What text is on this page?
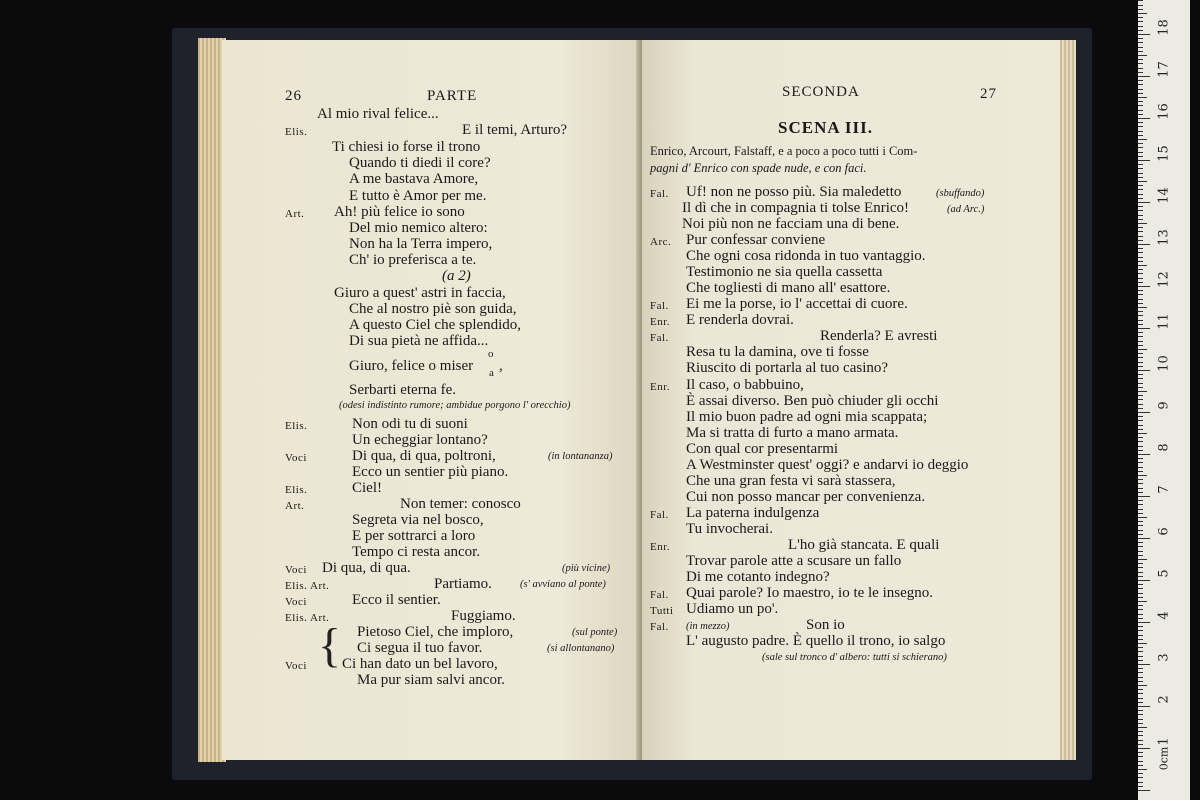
26	PARTE
Al mio rival felice...
Elis.	E il temi, Arturo?
Ti chiesi io forse il trono
Quando ti diedi il core?
A me bastava Amore,
E tutto è Amor per me.
Art. Ah! più felice io sono
Del mio nemico altero:
Non ha la Terra impero,
Ch' io preferisca a te.
(a 2)
Giuro a quest' astri in faccia,
Che al nostro piè son guida,
A questo Ciel che splendido,
Di sua pietà ne affida...
Giuro, felice o miser
o
a ,
Serbarti eterna fe.
(odesi indistinto rumore; ambidue porgono l' orecchio)
Elis.	Non odi tu di suoni
Un echeggiar lontano?
Voci	Di qua, di qua, poltroni,	(in lontananza)
Ecco un sentier più piano.
Elis.	Ciel!
Art.	Non temer: conosco
Segreta via nel bosco,
E per sottrarci a loro
Tempo ci resta ancor.
Voci Di qua, di qua.	(più vicine)
Elis. Art.	Partiamo.	(s' avviano al ponte)
Voci	Ecco il sentier.
Elis. Art.	Fuggiamo.
{ Pietoso Ciel, che imploro,	(sul ponte)
Ci segua il tuo favor.	(si allontanano)
Voci Ci han dato un bel lavoro,
Ma pur siam salvi ancor.
SECONDA	27
SCENA III.
Enrico, Arcourt, Falstaff, e a poco a poco tutti i Com-
pagni d' Enrico con spade nude, e con faci.
Fal. Uf! non ne posso più. Sia maledetto	(sbuffando)
Il dì che in compagnia ti tolse Enrico!	(ad Arc.)
Noi più non ne facciam una di bene.
Arc. Pur confessar conviene
Che ogni cosa ridonda in tuo vantaggio.
Testimonio ne sia quella cassetta
Che togliesti di mano all' esattore.
Fal. Ei me la porse, io l' accettai di cuore.
Enr. E renderla dovrai.
Fal.	Renderla? E avresti
Resa tu la damina, ove ti fosse
Riuscito di portarla al tuo casino?
Enr. Il caso, o babbuino,
È assai diverso. Ben può chiuder gli occhi
Il mio buon padre ad ogni mia scappata;
Ma si tratta di furto a mano armata.
Con qual cor presentarmi
A Westminster quest' oggi? e andarvi io deggio
Che una gran festa vi sarà stassera,
Cui non posso mancar per convenienza.
Fal. La paterna indulgenza
Tu invocherai.
Enr.	L'ho già stancata. E quali
Trovar parole atte a scusare un fallo
Di me cotanto indegno?
Fal. Quai parole? Io maestro, io te le insegno.
Tutti Udiamo un po'.
Fal. (in mezzo)	Son io
L' augusto padre. È quello il trono, io salgo
(sale sul tronco d' albero: tutti si schierano)
0cm
1
2
3
4
5
6
7
8
9
10
11
12
13
14
15
16
17
18
